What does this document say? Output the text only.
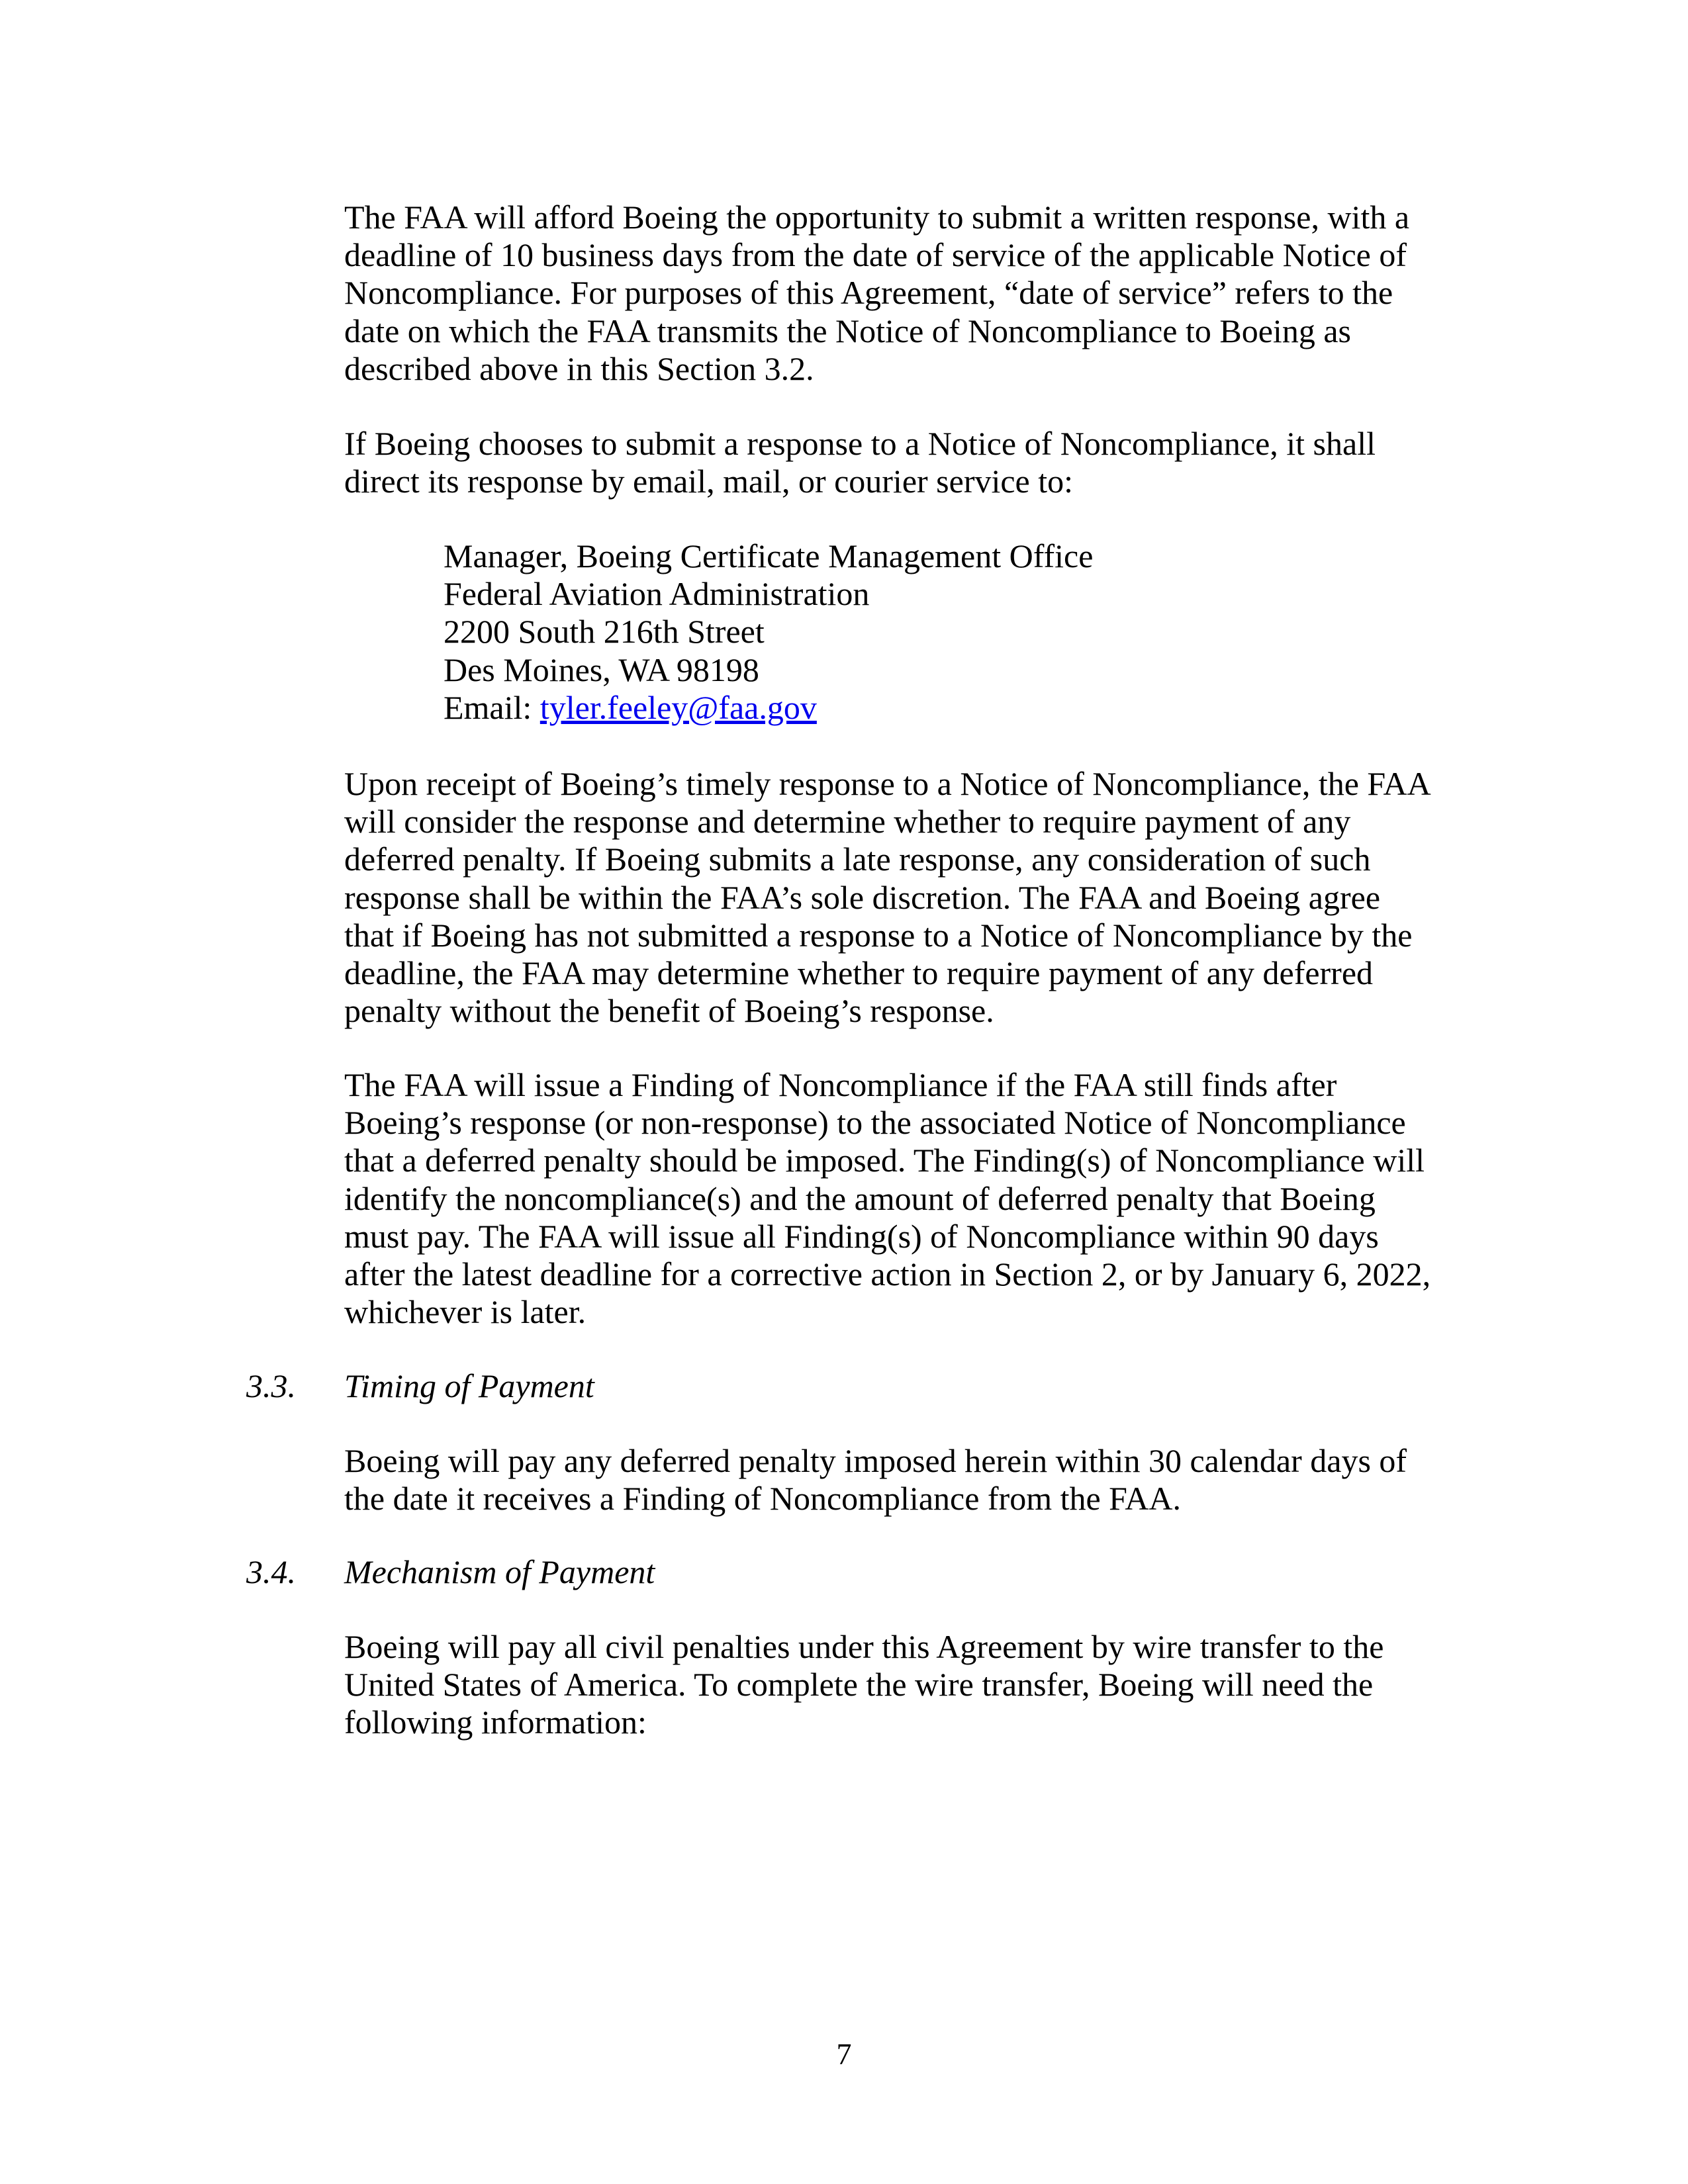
The FAA will afford Boeing the opportunity to submit a written response, with a
deadline of 10 business days from the date of service of the applicable Notice of
Noncompliance. For purposes of this Agreement, “date of service” refers to the
date on which the FAA transmits the Notice of Noncompliance to Boeing as
described above in this Section 3.2.

If Boeing chooses to submit a response to a Notice of Noncompliance, it shall
direct its response by email, mail, or courier service to:

Manager, Boeing Certificate Management Office
Federal Aviation Administration
2200 South 216th Street
Des Moines, WA 98198
Email: tyler.feeley@faa.gov

Upon receipt of Boeing’s timely response to a Notice of Noncompliance, the FAA
will consider the response and determine whether to require payment of any
deferred penalty. If Boeing submits a late response, any consideration of such
response shall be within the FAA’s sole discretion. The FAA and Boeing agree
that if Boeing has not submitted a response to a Notice of Noncompliance by the
deadline, the FAA may determine whether to require payment of any deferred
penalty without the benefit of Boeing’s response.

The FAA will issue a Finding of Noncompliance if the FAA still finds after
Boeing’s response (or non-response) to the associated Notice of Noncompliance
that a deferred penalty should be imposed. The Finding(s) of Noncompliance will
identify the noncompliance(s) and the amount of deferred penalty that Boeing
must pay. The FAA will issue all Finding(s) of Noncompliance within 90 days
after the latest deadline for a corrective action in Section 2, or by January 6, 2022,
whichever is later.

3.3. Timing of Payment

Boeing will pay any deferred penalty imposed herein within 30 calendar days of
the date it receives a Finding of Noncompliance from the FAA.

3.4. Mechanism of Payment

Boeing will pay all civil penalties under this Agreement by wire transfer to the
United States of America. To complete the wire transfer, Boeing will need the
following information:

7
